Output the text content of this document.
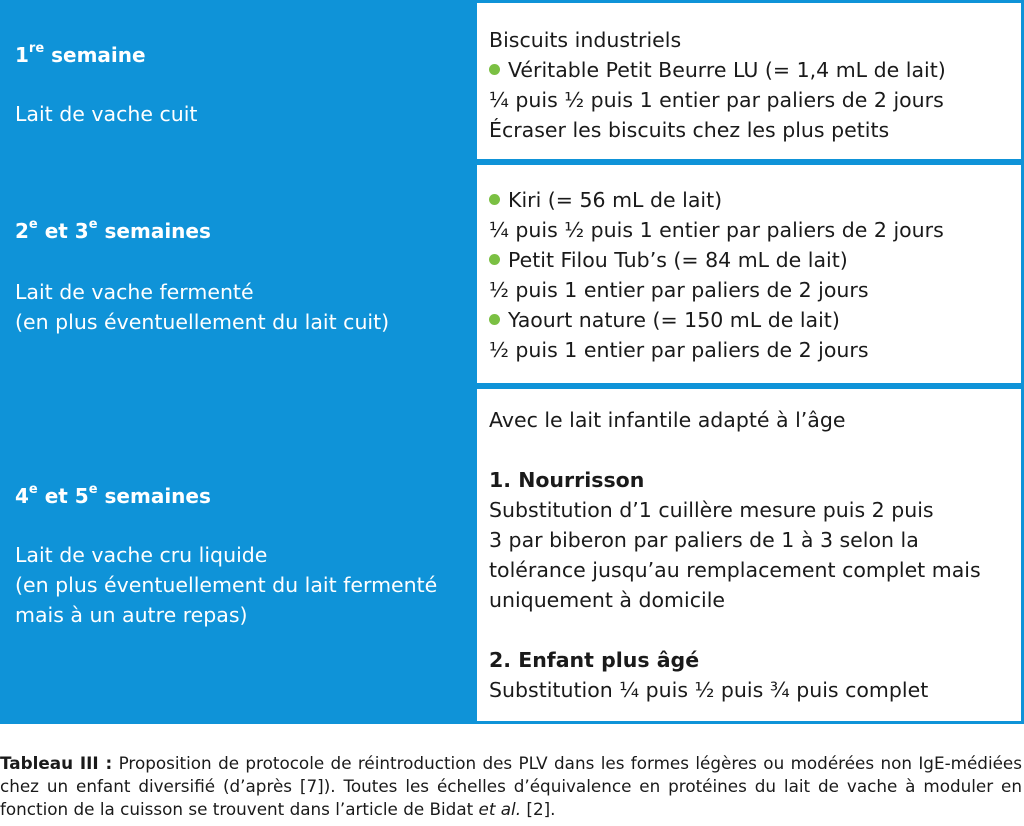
1re semaine
Lait de vache cuit
Biscuits industriels
Véritable Petit Beurre LU (= 1,4 mL de lait)
¼ puis ½ puis 1 entier par paliers de 2 jours
Écraser les biscuits chez les plus petits
2e et 3e semaines
Lait de vache fermenté
(en plus éventuellement du lait cuit)
Kiri (= 56 mL de lait)
¼ puis ½ puis 1 entier par paliers de 2 jours
Petit Filou Tub’s (= 84 mL de lait)
½ puis 1 entier par paliers de 2 jours
Yaourt nature (= 150 mL de lait)
½ puis 1 entier par paliers de 2 jours
4e et 5e semaines
Lait de vache cru liquide
(en plus éventuellement du lait fermenté
mais à un autre repas)
Avec le lait infantile adapté à l’âge
1. Nourrisson
Substitution d’1 cuillère mesure puis 2 puis
3 par biberon par paliers de 1 à 3 selon la
tolérance jusqu’au remplacement complet mais
uniquement à domicile
2. Enfant plus âgé
Substitution ¼ puis ½ puis ¾ puis complet
Tableau III : Proposition de protocole de réintroduction des PLV dans les formes légères ou modérées non IgE-médiées chez un enfant diversifié (d’après [7]). Toutes les échelles d’équivalence en protéines du lait de vache à moduler en fonction de la cuisson se trouvent dans l’article de Bidat et al. [2].
